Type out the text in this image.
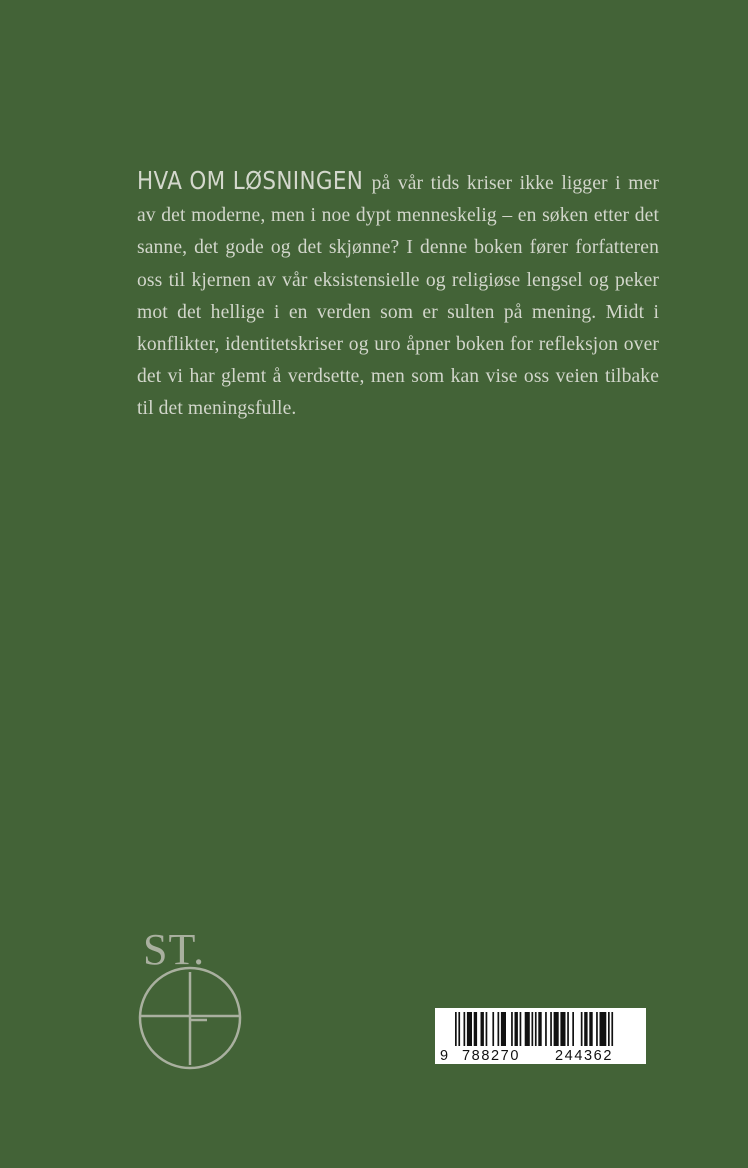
HVA OM LØSNINGEN på vår tids kriser ikke ligger i mer av det moderne, men i noe dypt menneskelig – en søken etter det sanne, det gode og det skjønne? I denne boken fører forfatteren oss til kjernen av vår eksistensielle og religiøse lengsel og peker mot det hellige i en verden som er sulten på mening. Midt i konflikter, identitetskriser og uro åpner boken for refleksjon over det vi har glemt å verdsette, men som kan vise oss veien tilbake til det meningsfulle.
ST.
9 788270 244362
